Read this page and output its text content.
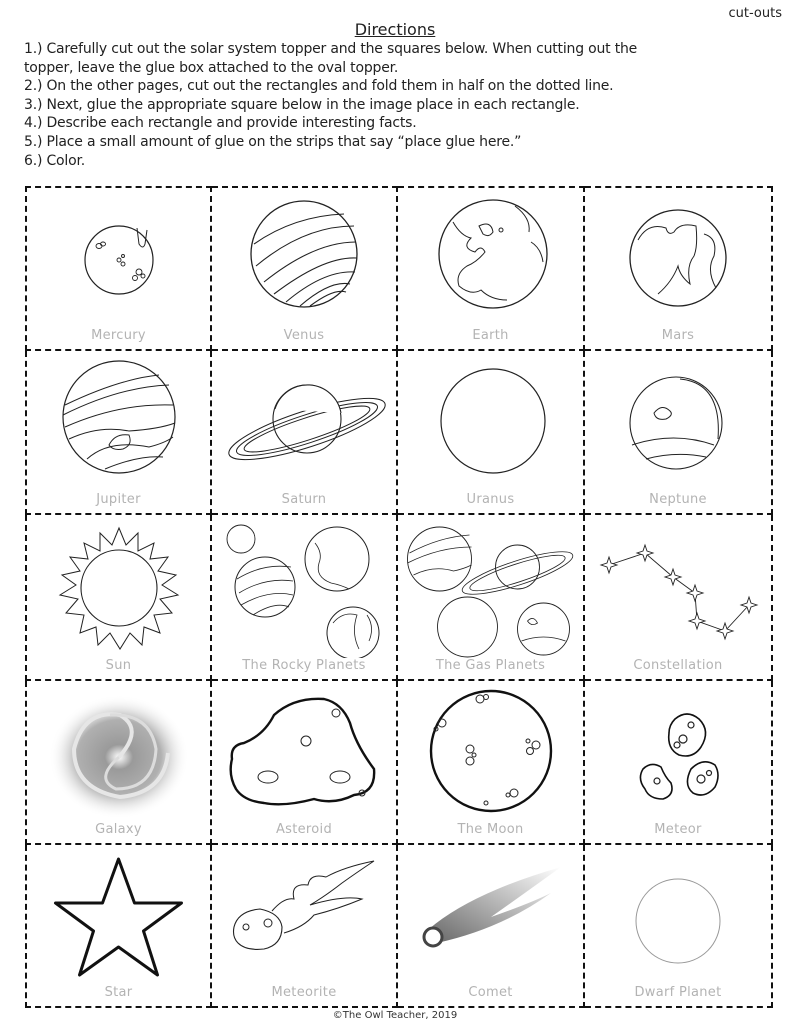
cut-outs
Directions
1.) Carefully cut out the solar system topper and the squares below. When cutting out the
topper, leave the glue box attached to the oval topper.
2.) On the other pages, cut out the rectangles and fold them in half on the dotted line.
3.) Next, glue the appropriate square below in the image place in each rectangle.
4.) Describe each rectangle and provide interesting facts.
5.) Place a small amount of glue on the strips that say “place glue here.”
6.) Color.
Mercury	Venus	Earth	Mars
Jupiter	Saturn	Uranus	Neptune
Sun	The Rocky Planets	The Gas Planets	Constellation
Galaxy	Asteroid	The Moon	Meteor
Star	Meteorite	Comet	Dwarf Planet
©The Owl Teacher, 2019
